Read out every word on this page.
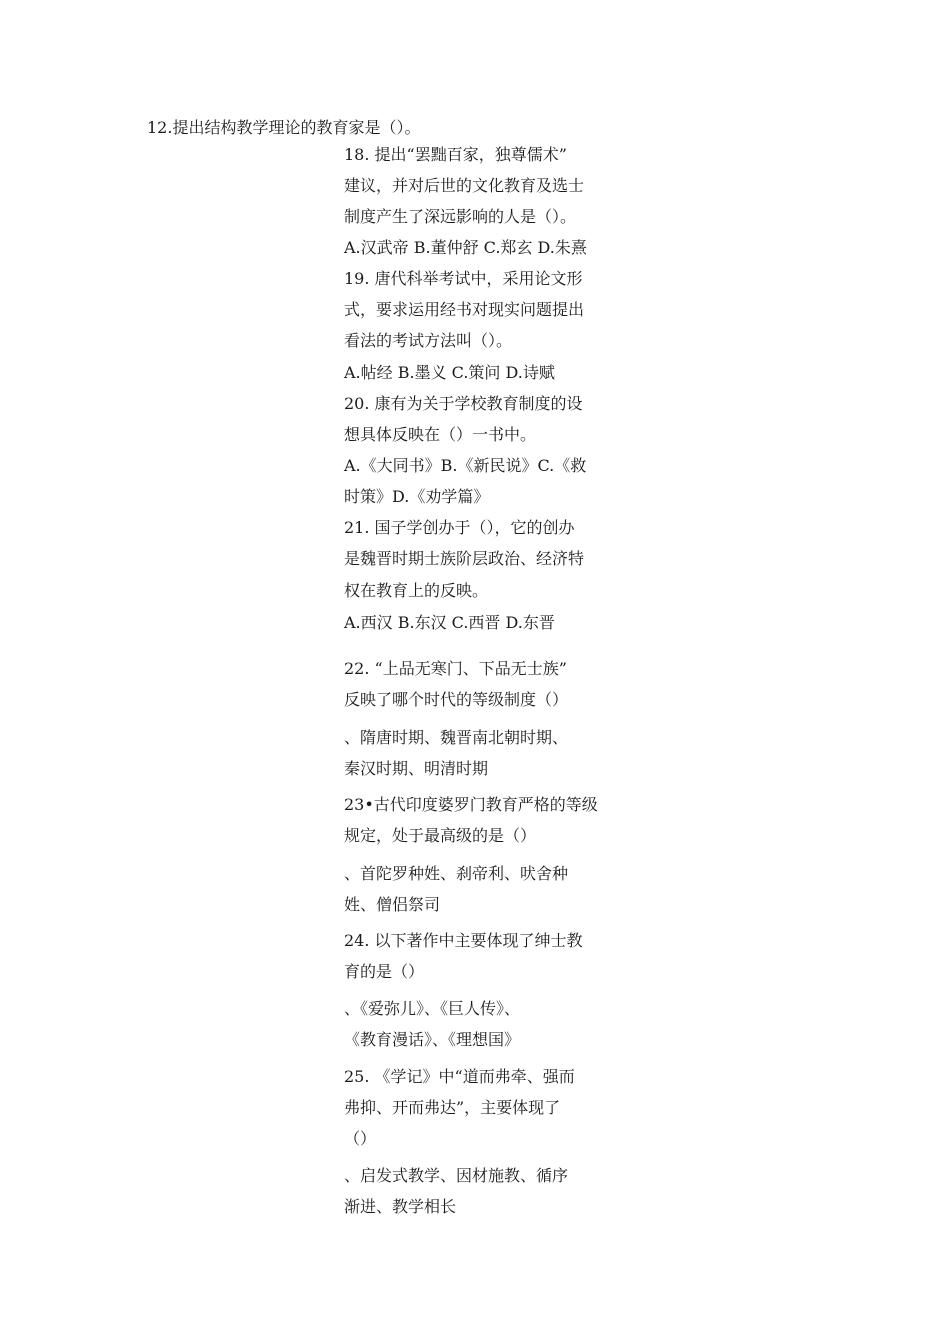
12.提出结构教学理论的教育家是（）。
18. 提出“罢黜百家，独尊儒术”
建议，并对后世的文化教育及选士
制度产生了深远影响的人是（）。
A.汉武帝 B.董仲舒 C.郑玄 D.朱熹
19. 唐代科举考试中，采用论文形
式，要求运用经书对现实问题提出
看法的考试方法叫（）。
A.帖经 B.墨义 C.策问 D.诗赋
20. 康有为关于学校教育制度的设
想具体反映在（）一书中。
A.《大同书》B.《新民说》C.《救
时策》D.《劝学篇》
21. 国子学创办于（），它的创办
是魏晋时期士族阶层政治、经济特
权在教育上的反映。
A.西汉 B.东汉 C.西晋 D.东晋
22. “上品无寒门、下品无士族”
反映了哪个时代的等级制度（）
、隋唐时期、魏晋南北朝时期、
秦汉时期、明清时期
23•古代印度婆罗门教育严格的等级
规定，处于最高级的是（）
、首陀罗种姓、刹帝利、吠舍种
姓、僧侣祭司
24. 以下著作中主要体现了绅士教
育的是（）
、《爱弥儿》、《巨人传》、
《教育漫话》、《理想国》
25. 《学记》中“道而弗牵、强而
弗抑、开而弗达”，主要体现了
（）
、启发式教学、因材施教、循序
渐进、教学相长
